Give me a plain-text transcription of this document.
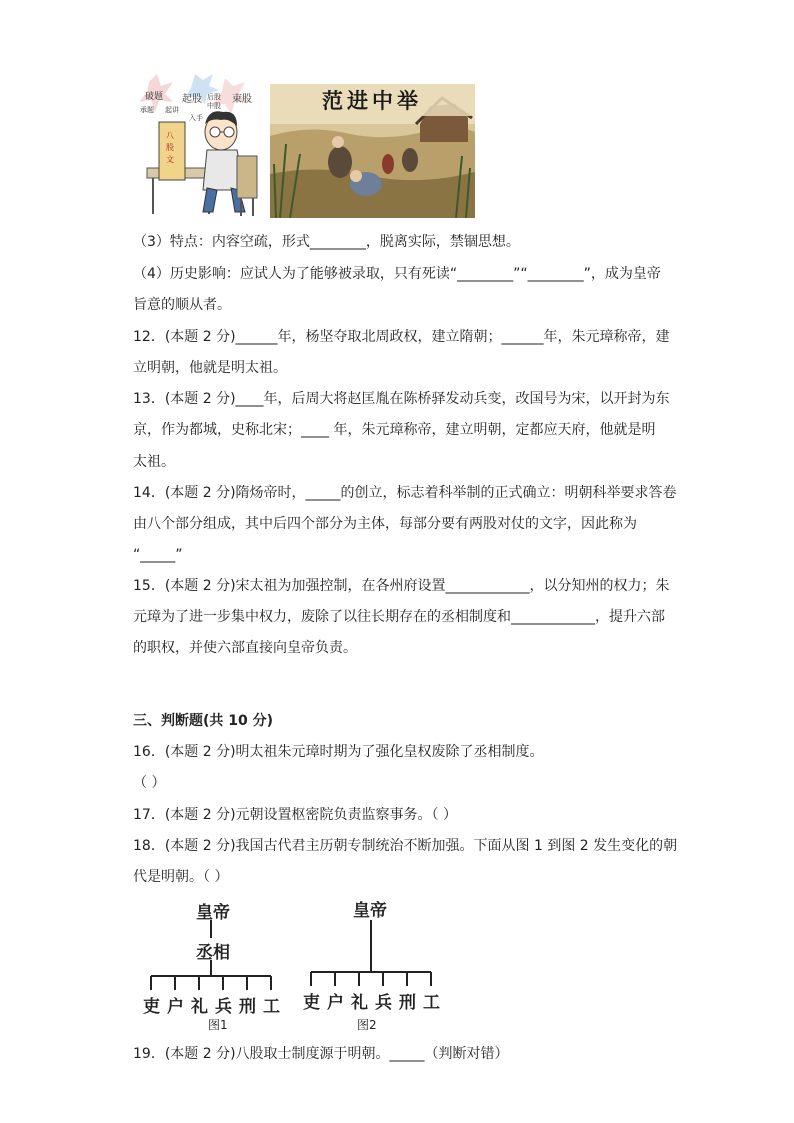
破题
承题 起讲
起股 后股
中股
束股
入手
八
股
文
范进中举
（3）特点：内容空疏，形式________，脱离实际，禁锢思想。
（4）历史影响：应试人为了能够被录取，只有死读“________”“________”，成为皇帝
旨意的顺从者。
12．(本题 2 分)______年，杨坚夺取北周政权，建立隋朝；______年，朱元璋称帝，建
立明朝，他就是明太祖。
13．(本题 2 分)____年，后周大将赵匡胤在陈桥驿发动兵变，改国号为宋，以开封为东
京，作为都城，史称北宋；____ 年，朱元璋称帝，建立明朝，定都应天府，他就是明
太祖。
14．(本题 2 分)隋炀帝时，_____的创立，标志着科举制的正式确立：明朝科举要求答卷
由八个部分组成，其中后四个部分为主体，每部分要有两股对仗的文字，因此称为
“_____”
15．(本题 2 分)宋太祖为加强控制，在各州府设置____________，以分知州的权力；朱
元璋为了进一步集中权力，废除了以往长期存在的丞相制度和____________，提升六部
的职权，并使六部直接向皇帝负责。
三、判断题(共 10 分)
16．(本题 2 分)明太祖朱元璋时期为了强化皇权废除了丞相制度。
（ ）
17．(本题 2 分)元朝设置枢密院负责监察事务。（ ）
18．(本题 2 分)我国古代君主历朝专制统治不断加强。下面从图 1 到图 2 发生变化的朝
代是明朝。（ ）
皇帝
丞相
吏 户 礼 兵 刑 工
图1
皇帝
吏 户 礼 兵 刑 工
图2
19．(本题 2 分)八股取士制度源于明朝。_____（判断对错）
